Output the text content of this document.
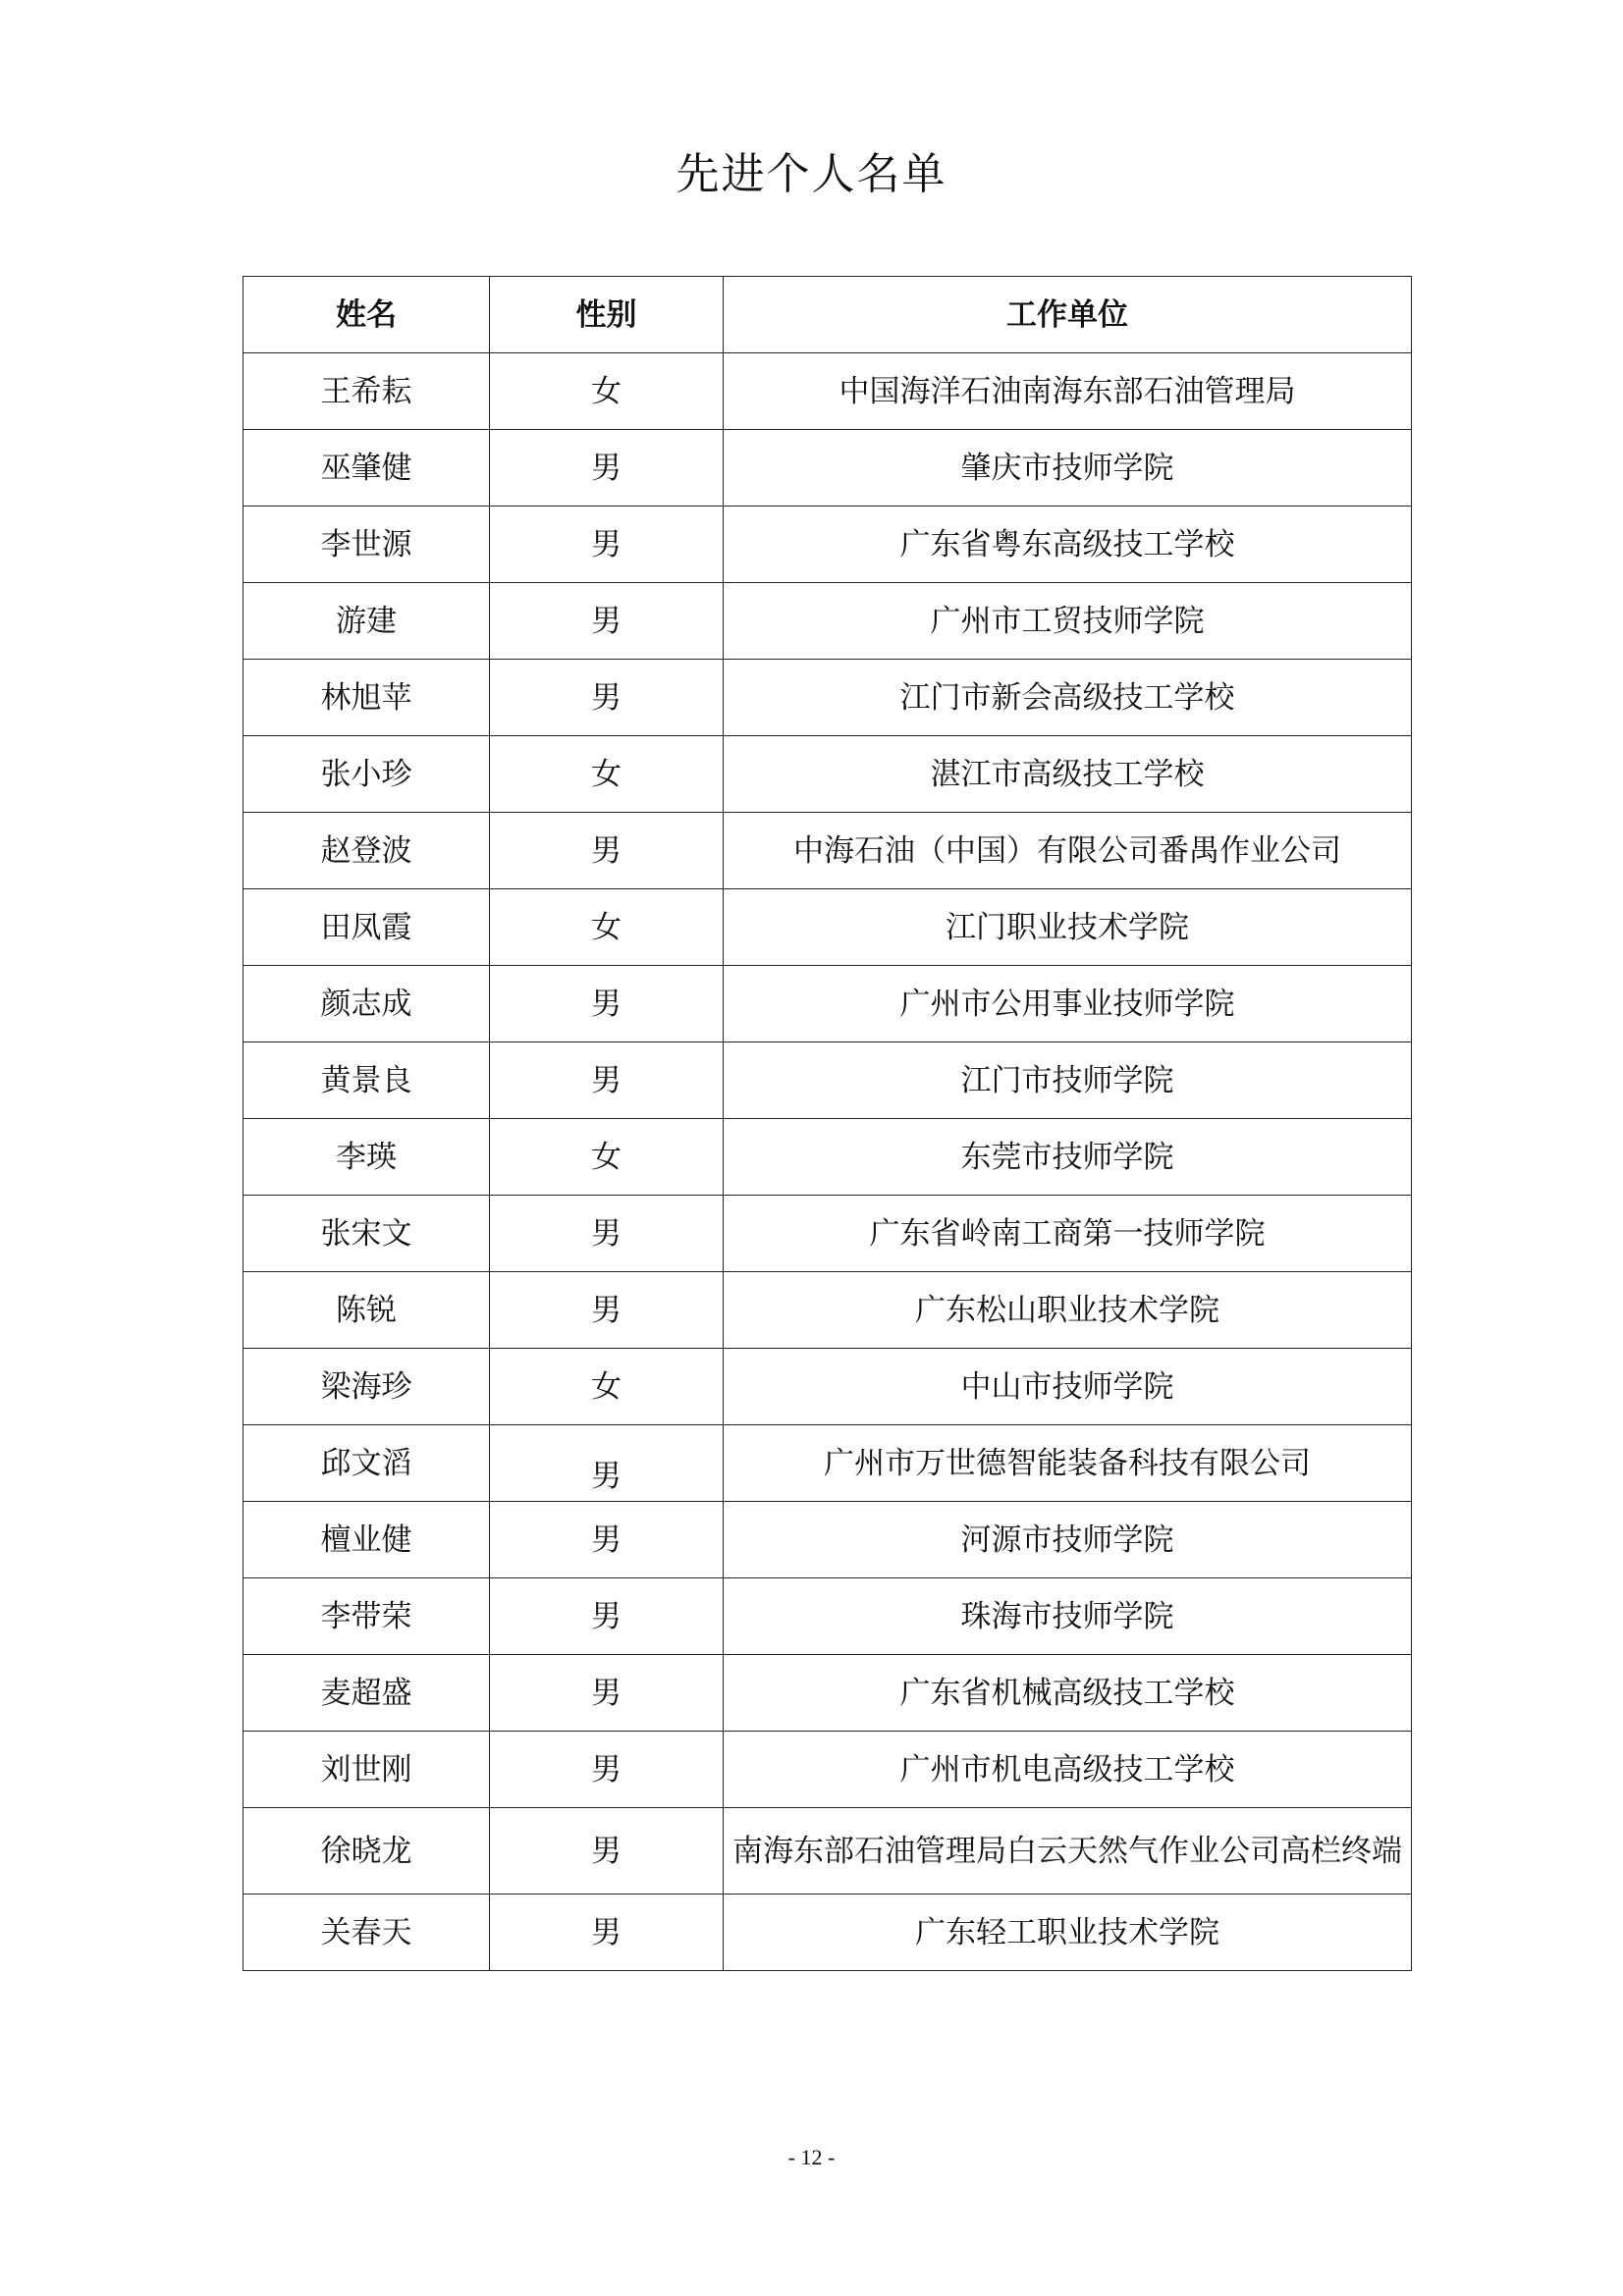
先进个人名单
姓名	性别	工作单位
王希耘	女	中国海洋石油南海东部石油管理局
巫肇健	男	肇庆市技师学院
李世源	男	广东省粤东高级技工学校
游建	男	广州市工贸技师学院
林旭苹	男	江门市新会高级技工学校
张小珍	女	湛江市高级技工学校
赵登波	男	中海石油（中国）有限公司番禺作业公司
田凤霞	女	江门职业技术学院
颜志成	男	广州市公用事业技师学院
黄景良	男	江门市技师学院
李瑛	女	东莞市技师学院
张宋文	男	广东省岭南工商第一技师学院
陈锐	男	广东松山职业技术学院
梁海珍	女	中山市技师学院
邱文滔	男	广州市万世德智能装备科技有限公司
檀业健	男	河源市技师学院
李带荣	男	珠海市技师学院
麦超盛	男	广东省机械高级技工学校
刘世刚	男	广州市机电高级技工学校
徐晓龙	男	南海东部石油管理局白云天然气作业公司高栏终端
关春天	男	广东轻工职业技术学院
- 12 -
